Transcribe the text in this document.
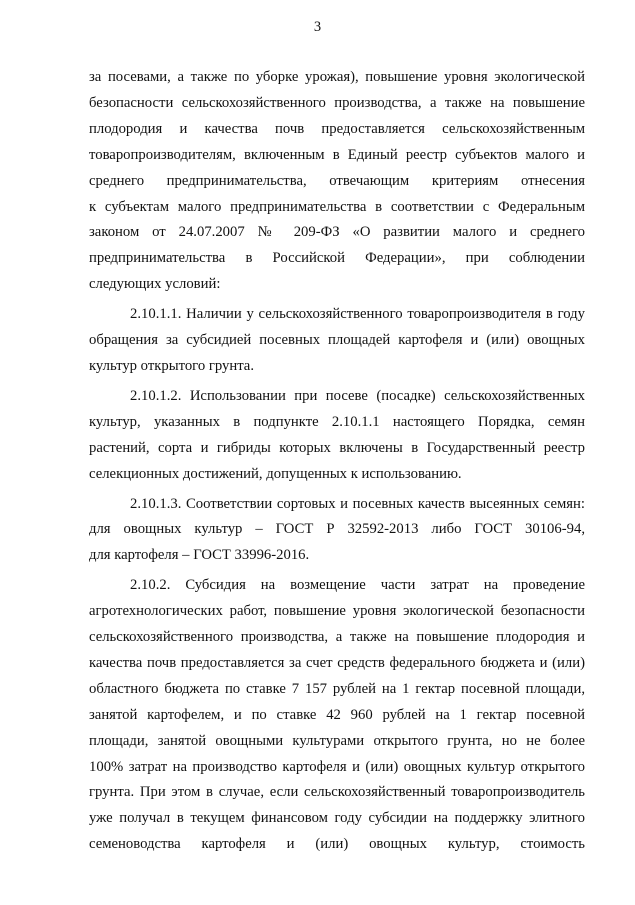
3
за посевами, а также по уборке урожая), повышение уровня экологической
безопасности сельскохозяйственного производства, а также на повышение
плодородия и качества почв предоставляется сельскохозяйственным
товаропроизводителям, включенным в Единый реестр субъектов малого и
среднего предпринимательства, отвечающим критериям отнесения
к субъектам малого предпринимательства в соответствии с Федеральным
законом от 24.07.2007 № 209-ФЗ «О развитии малого и среднего
предпринимательства в Российской Федерации», при соблюдении
следующих условий:
2.10.1.1. Наличии у сельскохозяйственного товаропроизводителя в году
обращения за субсидией посевных площадей картофеля и (или) овощных
культур открытого грунта.
2.10.1.2. Использовании при посеве (посадке) сельскохозяйственных
культур, указанных в подпункте 2.10.1.1 настоящего Порядка, семян
растений, сорта и гибриды которых включены в Государственный реестр
селекционных достижений, допущенных к использованию.
2.10.1.3. Соответствии сортовых и посевных качеств высеянных семян:
для овощных культур – ГОСТ Р 32592-2013 либо ГОСТ 30106-94,
для картофеля – ГОСТ 33996-2016.
2.10.2. Субсидия на возмещение части затрат на проведение
агротехнологических работ, повышение уровня экологической безопасности
сельскохозяйственного производства, а также на повышение плодородия и
качества почв предоставляется за счет средств федерального бюджета и (или)
областного бюджета по ставке 7 157 рублей на 1 гектар посевной площади,
занятой картофелем, и по ставке 42 960 рублей на 1 гектар посевной
площади, занятой овощными культурами открытого грунта, но не более
100% затрат на производство картофеля и (или) овощных культур открытого
грунта. При этом в случае, если сельскохозяйственный товаропроизводитель
уже получал в текущем финансовом году субсидии на поддержку элитного
семеноводства картофеля и (или) овощных культур, стоимость
